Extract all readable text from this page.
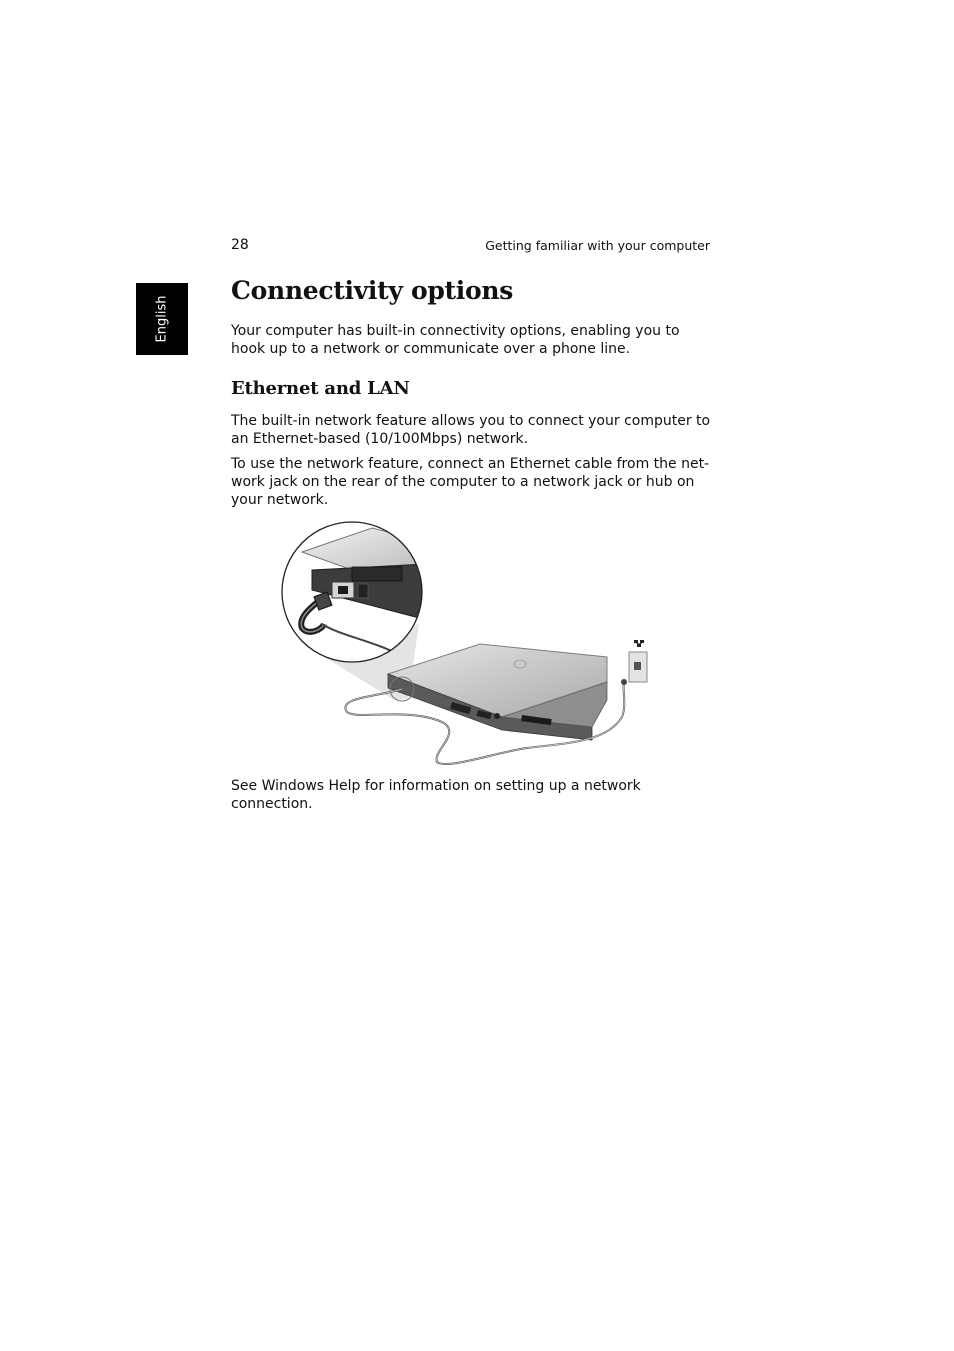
28	Getting familiar with your computer
English
Connectivity options

Your computer has built-in connectivity options, enabling you to hook up to a network or communicate over a phone line.

Ethernet and LAN

The built-in network feature allows you to connect your computer to an Ethernet-based (10/100Mbps) network.

To use the network feature, connect an Ethernet cable from the net-work jack on the rear of the computer to a network jack or hub on your network.

See Windows Help for information on setting up a network connection.
